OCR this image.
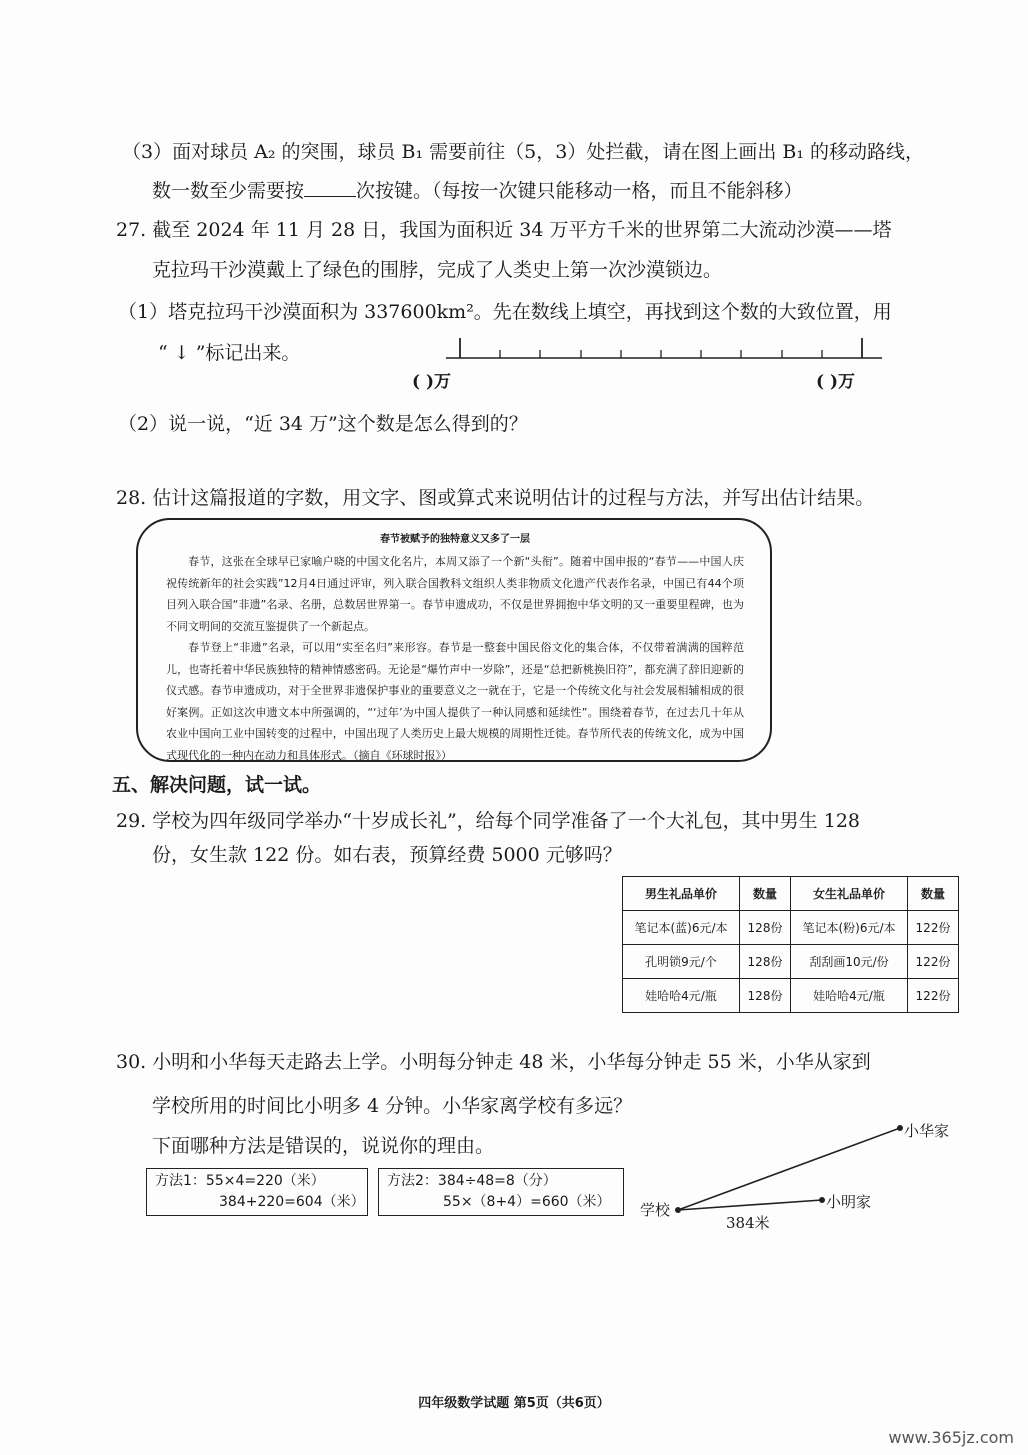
（3）面对球员 A₂ 的突围，球员 B₁ 需要前往（5，3）处拦截，请在图上画出 B₁ 的移动路线，
数一数至少需要按	次按键。（每按一次键只能移动一格，而且不能斜移）
27. 截至 2024 年 11 月 28 日，我国为面积近 34 万平方千米的世界第二大流动沙漠——塔
克拉玛干沙漠戴上了绿色的围脖，完成了人类史上第一次沙漠锁边。
（1）塔克拉玛干沙漠面积为 337600km²。先在数线上填空，再找到这个数的大致位置，用
“ ↓ ”标记出来。
( )万	( )万
（2）说一说，“近 34 万”这个数是怎么得到的？
28. 估计这篇报道的字数，用文字、图或算式来说明估计的过程与方法，并写出估计结果。
春节被赋予的独特意义又多了一层

春节，这张在全球早已家喻户晓的中国文化名片，本周又添了一个新“头衔”。随着中国申报的“春节——中国人庆祝传统新年的社会实践”12月4日通过评审，列入联合国教科文组织人类非物质文化遗产代表作名录，中国已有44个项目列入联合国“非遗”名录、名册，总数居世界第一。春节申遗成功，不仅是世界拥抱中华文明的又一重要里程碑，也为不同文明间的交流互鉴提供了一个新起点。

春节登上“非遗”名录，可以用“实至名归”来形容。春节是一整套中国民俗文化的集合体，不仅带着满满的国粹范儿，也寄托着中华民族独特的精神情感密码。无论是“爆竹声中一岁除”，还是“总把新桃换旧符”，都充满了辞旧迎新的仪式感。春节申遗成功，对于全世界非遗保护事业的重要意义之一就在于，它是一个传统文化与社会发展相辅相成的很好案例。正如这次申遗文本中所强调的，“‘过年’为中国人提供了一种认同感和延续性”。围绕着春节，在过去几十年从农业中国向工业中国转变的过程中，中国出现了人类历史上最大规模的周期性迁徙。春节所代表的传统文化，成为中国式现代化的一种内在动力和具体形式。（摘自《环球时报》）

五、解决问题，试一试。
29. 学校为四年级同学举办“十岁成长礼”，给每个同学准备了一个大礼包，其中男生 128
份，女生款 122 份。如右表，预算经费 5000 元够吗？
男生礼品单价	数量	女生礼品单价	数量
笔记本(蓝)6元/本	128份	笔记本(粉)6元/本	122份
孔明锁9元/个	128份	刮刮画10元/份	122份
娃哈哈4元/瓶	128份	娃哈哈4元/瓶	122份
30. 小明和小华每天走路去上学。小明每分钟走 48 米，小华每分钟走 55 米，小华从家到
学校所用的时间比小明多 4 分钟。小华家离学校有多远？
下面哪种方法是错误的，说说你的理由。
方法1：55×4=220（米）
384+220=604（米）
方法2：384÷48=8（分）
55×（8+4）=660（米） 学校
小华家
小明家
384米
四年级数学试题 第5页（共6页）
www.365jz.com
